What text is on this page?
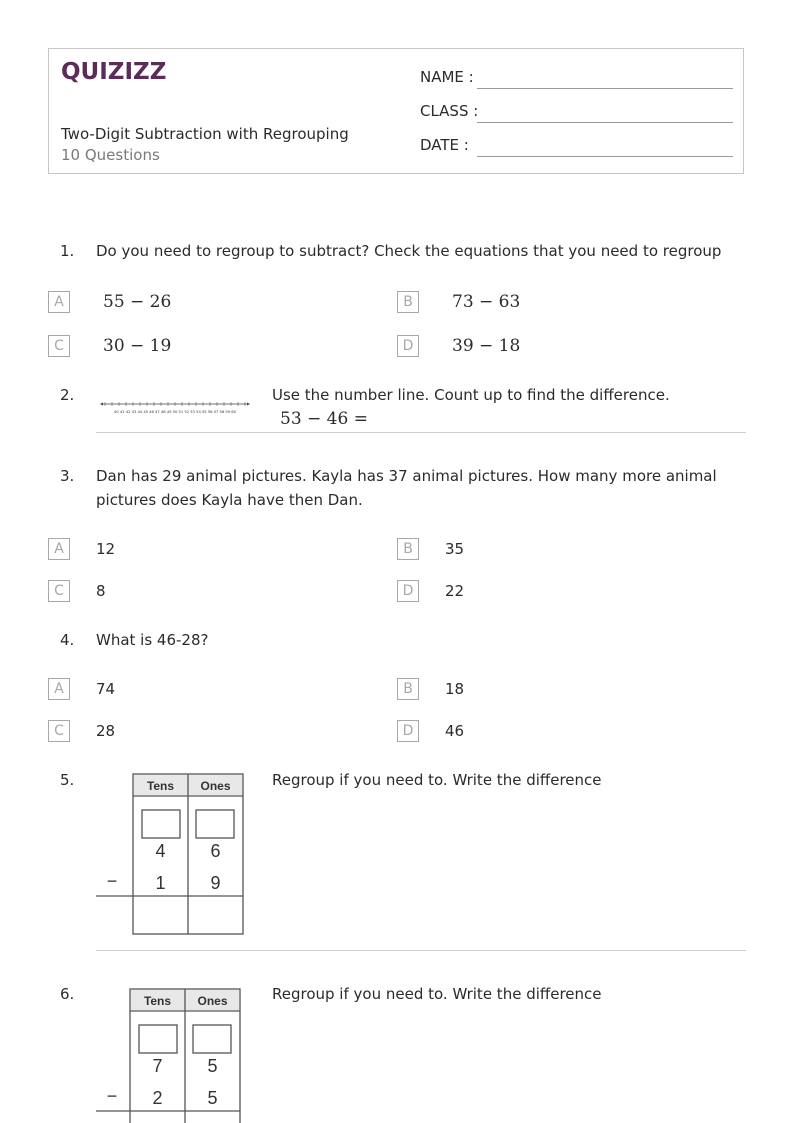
QUIZIZZ
Two-Digit Subtraction with Regrouping
10 Questions
NAME :
CLASS :
DATE :
1. Do you need to regroup to subtract? Check the equations that you need to regroup
A	55 − 26	B	73 − 63
C	30 − 19	D	39 − 18
2.
40 41 42 43 44 45 46 47 48 49 50 51 52 53 54 55 56 57 58 59 60
Use the number line. Count up to find the difference.
53 − 46 =
3. Dan has 29 animal pictures. Kayla has 37 animal pictures. How many more animal
pictures does Kayla have then Dan.
A	12	B	35
C	8	D	22
4. What is 46-28?
A	74	B	18
C	28	D	46
5.	Tens Ones
4 6
1 9
−
Regroup if you need to. Write the difference
6.	Tens Ones
7 5
2 5
−
Regroup if you need to. Write the difference
